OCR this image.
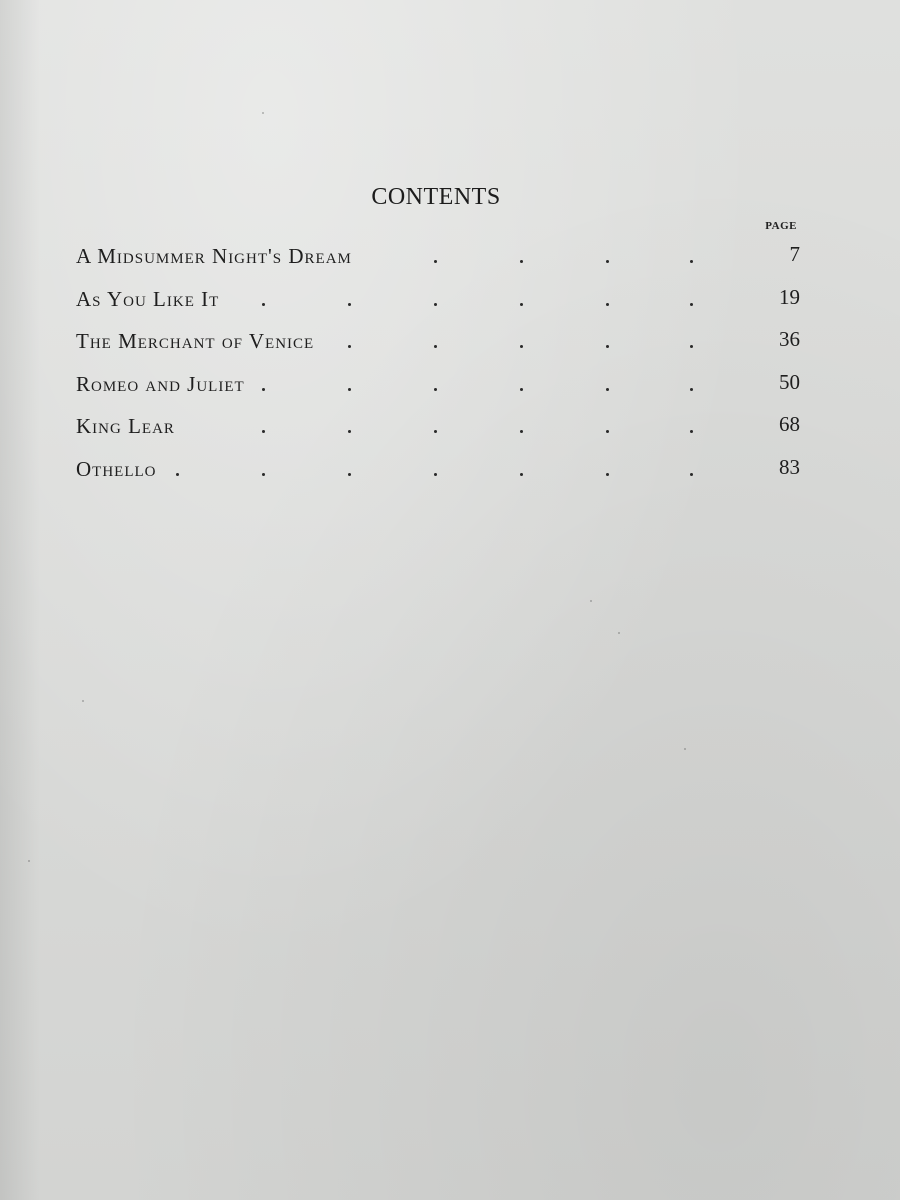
CONTENTS
PAGE
A Midsummer Night's Dream	7
As You Like It	19
The Merchant of Venice	36
Romeo and Juliet	50
King Lear	68
Othello	83
